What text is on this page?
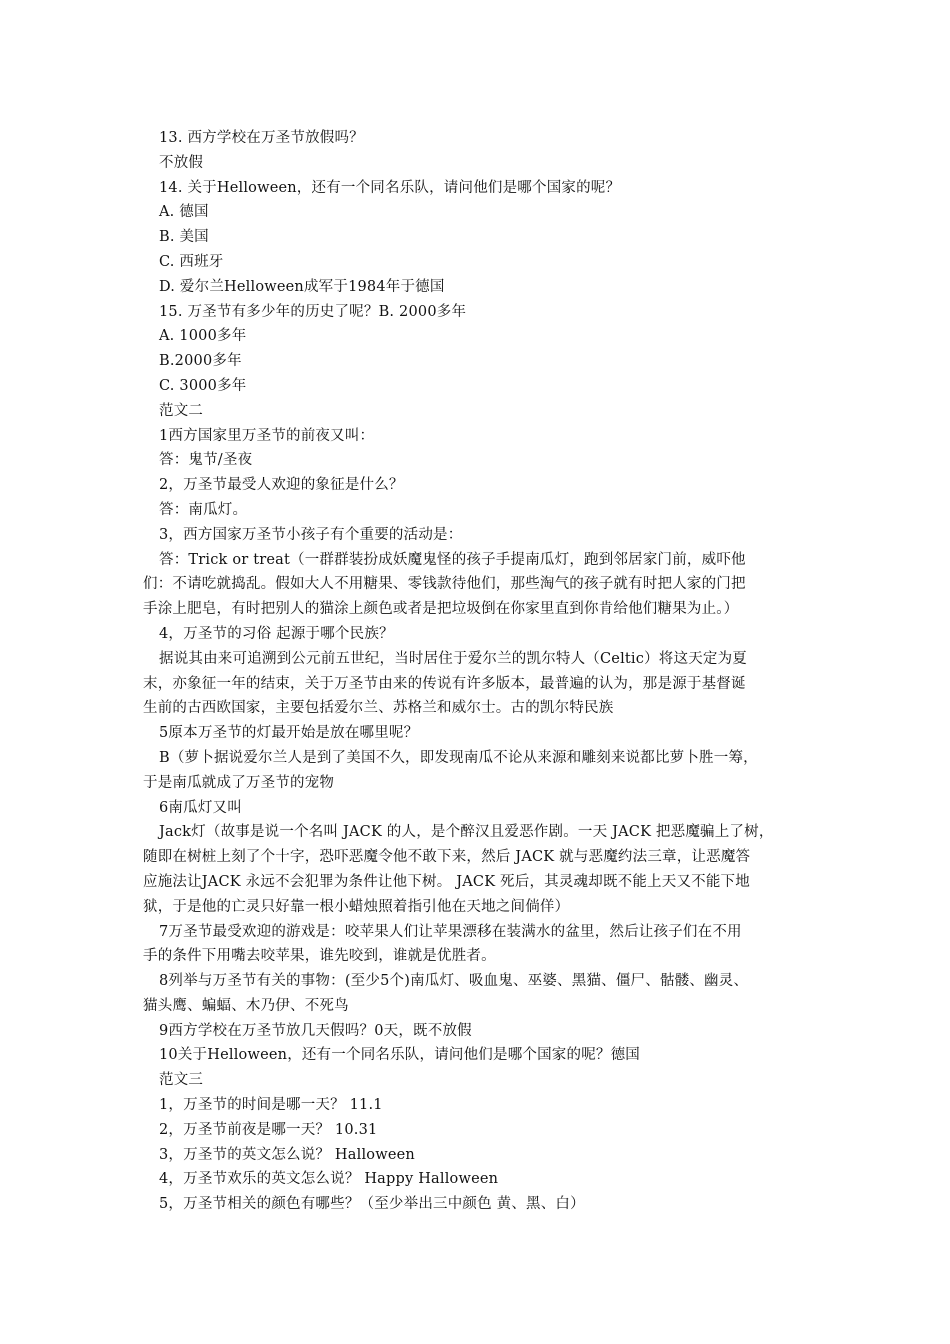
13. 西方学校在万圣节放假吗？
不放假
14. 关于Helloween，还有一个同名乐队，请问他们是哪个国家的呢？
A. 德国
B. 美国
C. 西班牙
D. 爱尔兰Helloween成军于1984年于德国
15. 万圣节有多少年的历史了呢？B. 2000多年
A. 1000多年
B.2000多年
C. 3000多年
范文二
1西方国家里万圣节的前夜又叫：
答：鬼节/圣夜
2，万圣节最受人欢迎的象征是什么？
答：南瓜灯。
3，西方国家万圣节小孩子有个重要的活动是：
答：Trick or treat（一群群装扮成妖魔鬼怪的孩子手提南瓜灯，跑到邻居家门前，威吓他
们：不请吃就捣乱。假如大人不用糖果、零钱款待他们，那些淘气的孩子就有时把人家的门把
手涂上肥皂，有时把别人的猫涂上颜色或者是把垃圾倒在你家里直到你肯给他们糖果为止。）
4，万圣节的习俗 起源于哪个民族？
据说其由来可追溯到公元前五世纪，当时居住于爱尔兰的凯尔特人（Celtic）将这天定为夏
末，亦象征一年的结束，关于万圣节由来的传说有许多版本，最普遍的认为，那是源于基督诞
生前的古西欧国家，主要包括爱尔兰、苏格兰和威尔士。古的凯尔特民族
5原本万圣节的灯最开始是放在哪里呢？
B（萝卜据说爱尔兰人是到了美国不久，即发现南瓜不论从来源和雕刻来说都比萝卜胜一筹，
于是南瓜就成了万圣节的宠物
6南瓜灯又叫
Jack灯（故事是说一个名叫 JACK 的人，是个醉汉且爱恶作剧。一天 JACK 把恶魔骗上了树，
随即在树桩上刻了个十字，恐吓恶魔令他不敢下来，然后 JACK 就与恶魔约法三章，让恶魔答
应施法让JACK 永远不会犯罪为条件让他下树。 JACK 死后，其灵魂却既不能上天又不能下地
狱，于是他的亡灵只好靠一根小蜡烛照着指引他在天地之间倘佯）
7万圣节最受欢迎的游戏是：咬苹果人们让苹果漂移在装满水的盆里，然后让孩子们在不用
手的条件下用嘴去咬苹果，谁先咬到，谁就是优胜者。
8列举与万圣节有关的事物：(至少5个)南瓜灯、吸血鬼、巫婆、黑猫、僵尸、骷髅、幽灵、
猫头鹰、蝙蝠、木乃伊、不死鸟
9西方学校在万圣节放几天假吗？0天，既不放假
10关于Helloween，还有一个同名乐队，请问他们是哪个国家的呢？德国
范文三
1，万圣节的时间是哪一天？ 11.1
2，万圣节前夜是哪一天？ 10.31
3，万圣节的英文怎么说？ Halloween
4，万圣节欢乐的英文怎么说？ Happy Halloween
5，万圣节相关的颜色有哪些？（至少举出三中颜色 黄、黑、白）
